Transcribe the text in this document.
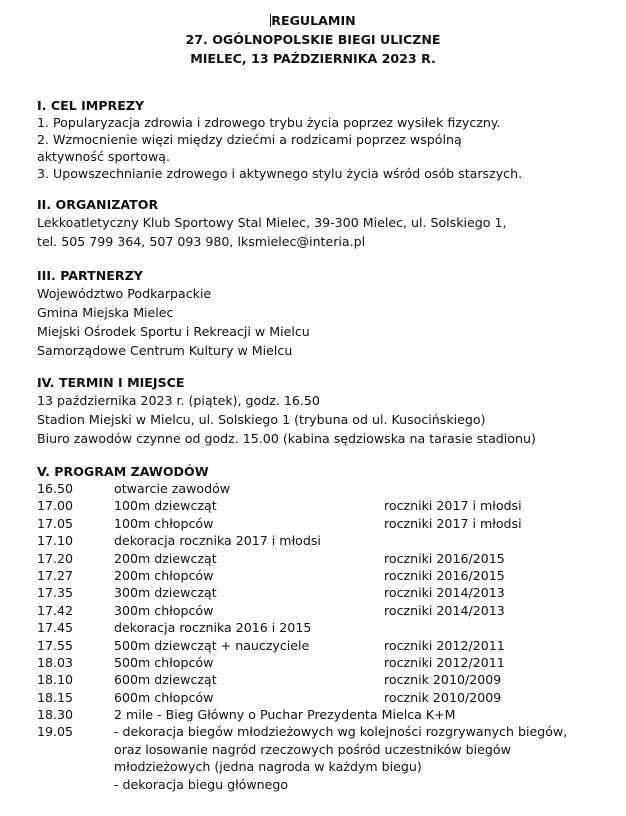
REGULAMIN
27. OGÓLNOPOLSKIE BIEGI ULICZNE
MIELEC, 13 PAŹDZIERNIKA 2023 R.
I. CEL IMPREZY
1. Popularyzacja zdrowia i zdrowego trybu życia poprzez wysiłek fizyczny.
2. Wzmocnienie więzi między dziećmi a rodzicami poprzez wspólną
aktywność sportową.
3. Upowszechnianie zdrowego i aktywnego stylu życia wśród osób starszych.
II. ORGANIZATOR
Lekkoatletyczny Klub Sportowy Stal Mielec, 39-300 Mielec, ul. Solskiego 1,
tel. 505 799 364, 507 093 980, lksmielec@interia.pl
III. PARTNERZY
Województwo Podkarpackie
Gmina Miejska Mielec
Miejski Ośrodek Sportu i Rekreacji w Mielcu
Samorządowe Centrum Kultury w Mielcu
IV. TERMIN I MIEJSCE
13 października 2023 r. (piątek), godz. 16.50
Stadion Miejski w Mielcu, ul. Solskiego 1 (trybuna od ul. Kusocińskiego)
Biuro zawodów czynne od godz. 15.00 (kabina sędziowska na tarasie stadionu)
V. PROGRAM ZAWODÓW
16.50	otwarcie zawodów
17.00	100m dziewcząt	roczniki 2017 i młodsi
17.05	100m chłopców	roczniki 2017 i młodsi
17.10	dekoracja rocznika 2017 i młodsi
17.20	200m dziewcząt	roczniki 2016/2015
17.27	200m chłopców	roczniki 2016/2015
17.35	300m dziewcząt	roczniki 2014/2013
17.42	300m chłopców	roczniki 2014/2013
17.45	dekoracja rocznika 2016 i 2015
17.55	500m dziewcząt + nauczyciele	roczniki 2012/2011
18.03	500m chłopców	roczniki 2012/2011
18.10	600m dziewcząt	rocznik 2010/2009
18.15	600m chłopców	rocznik 2010/2009
18.30	2 mile - Bieg Główny o Puchar Prezydenta Mielca K+M
19.05	- dekoracja biegów młodzieżowych wg kolejności rozgrywanych biegów,
oraz losowanie nagród rzeczowych pośród uczestników biegów
młodzieżowych (jedna nagroda w każdym biegu)
- dekoracja biegu głównego
